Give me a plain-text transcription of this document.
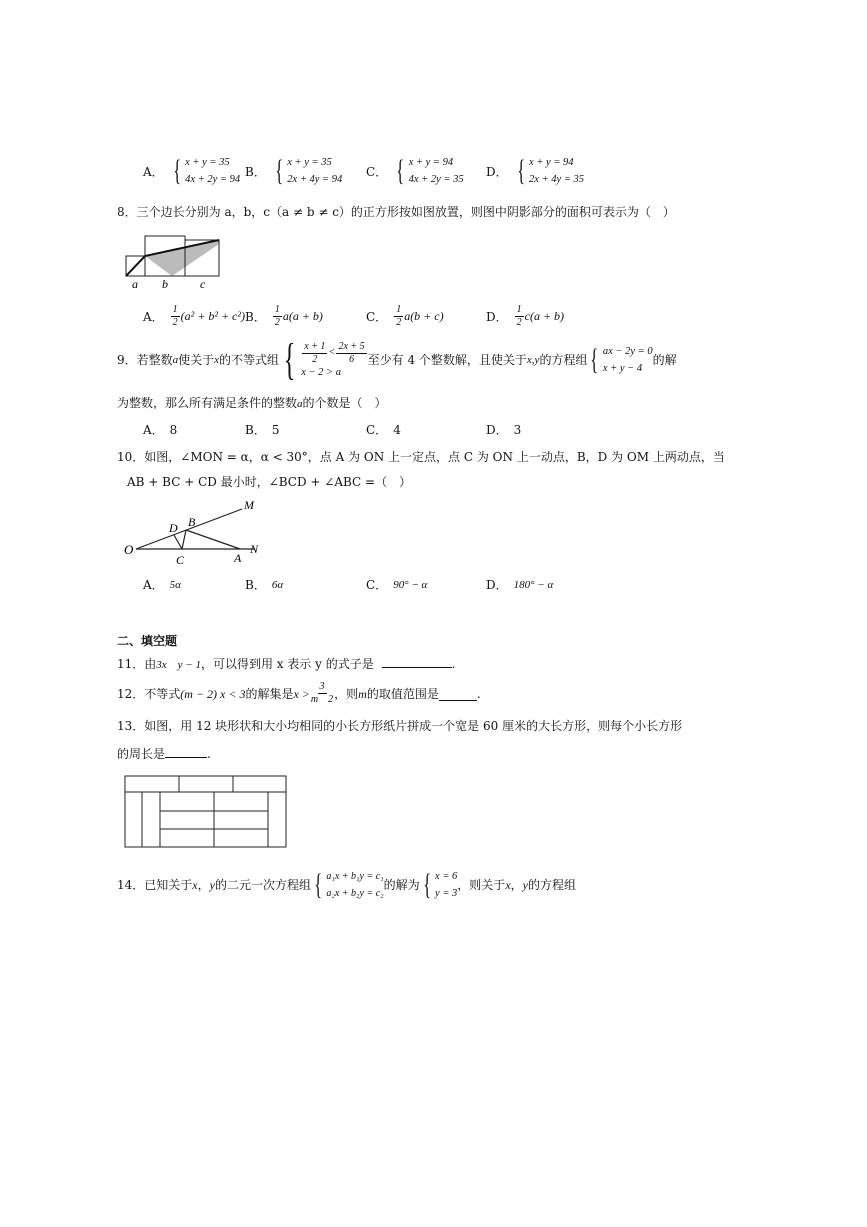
A． { x + y = 35
4x + 2y = 94
B． { x + y = 35
2x + 4y = 94
C． { x + y = 94
4x + 2y = 35
D． { x + y = 94
2x + 4y = 35
8．三个边长分别为 a，b，c（a ≠ b ≠ c）的正方形按如图放置，则图中阴影部分的面积可表示为（　）
a b	c
A． $\frac{1}{2} (a^2 + b^2 + c^2)$ B． $\frac{1}{2} a(a + b)$	C． $\frac{1}{2} a(b + c)$	D． $\frac{1}{2} c(a + b)$
9．若整数 a 使关于 x 的不等式组 { $\frac{x + 1}{2} < \frac{2x + 5}{6}$
x − 2 > a
至少有 4 个整数解，且使关于 x,y 的方程组 { ax − 2y = 0
x + y − 4
的解
为整数，那么所有满足条件的整数a的个数是（　）
A． 8	B． 5	C． 4	D． 3
10．如图，∠MON = α，α < 30°，点 A 为 ON 上一定点，点 C 为 ON 上一动点，B，D 为 OM 上两动点，当
AB + BC + CD 最小时，∠BCD + ∠ABC =（　）
O
D B
M
C	A
N
A． 5α	B． 6α	C． 90° − α	D． 180° − α
二、填空题
11．由3x　y − 1，可以得到用 x 表示 y 的式子是	.
12．不等式 (m − 2) x < 3 的解集是 $x > \frac{3}{m 2}$ ，则 m 的取值范围是	.
13．如图，用 12 块形状和大小均相同的小长方形纸片拼成一个宽是 60 厘米的大长方形，则每个小长方形
的周长是	.
14．已知关于 x ， y 的二元一次方程组 { a₁x + b₁y = c₁
a₂x + b₂y = c₂
的解为 { x = 6
y = 3
，则关于 x ， y 的方程组
